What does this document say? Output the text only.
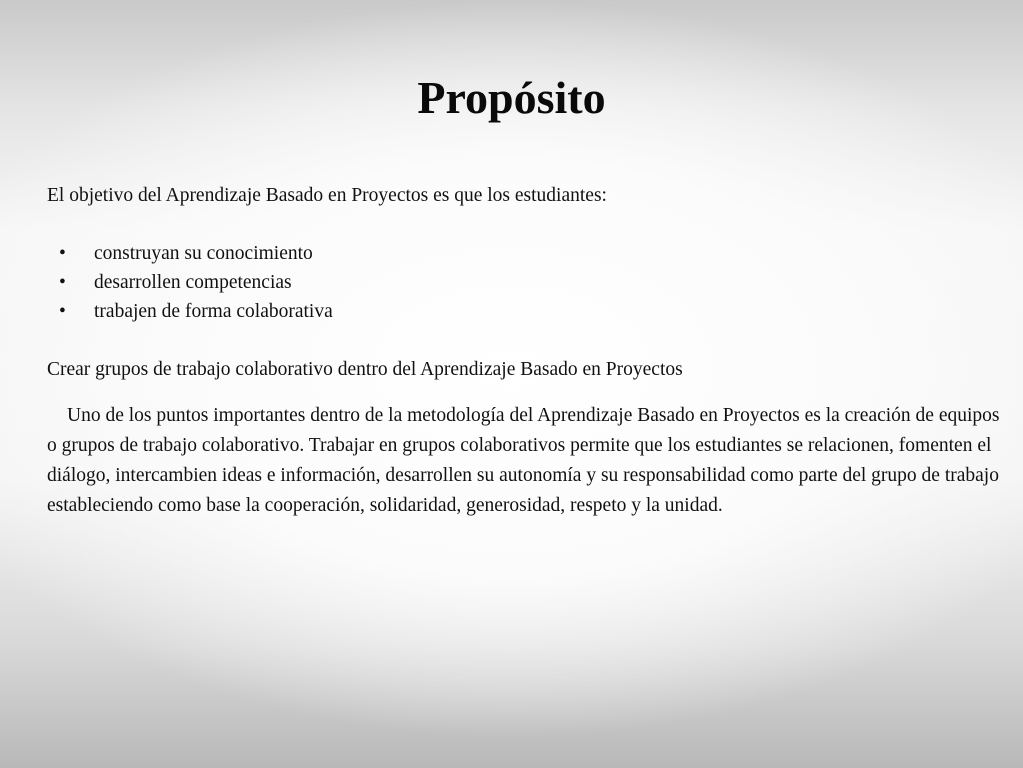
Propósito

El objetivo del Aprendizaje Basado en Proyectos es que los estudiantes:

• construyan su conocimiento
• desarrollen competencias
• trabajen de forma colaborativa

Crear grupos de trabajo colaborativo dentro del Aprendizaje Basado en Proyectos

Uno de los puntos importantes dentro de la metodología del Aprendizaje Basado en Proyectos es la creación de equipos o grupos de trabajo colaborativo. Trabajar en grupos colaborativos permite que los estudiantes se relacionen, fomenten el diálogo, intercambien ideas e información, desarrollen su autonomía y su responsabilidad como parte del grupo de trabajo estableciendo como base la cooperación, solidaridad, generosidad, respeto y la unidad.
